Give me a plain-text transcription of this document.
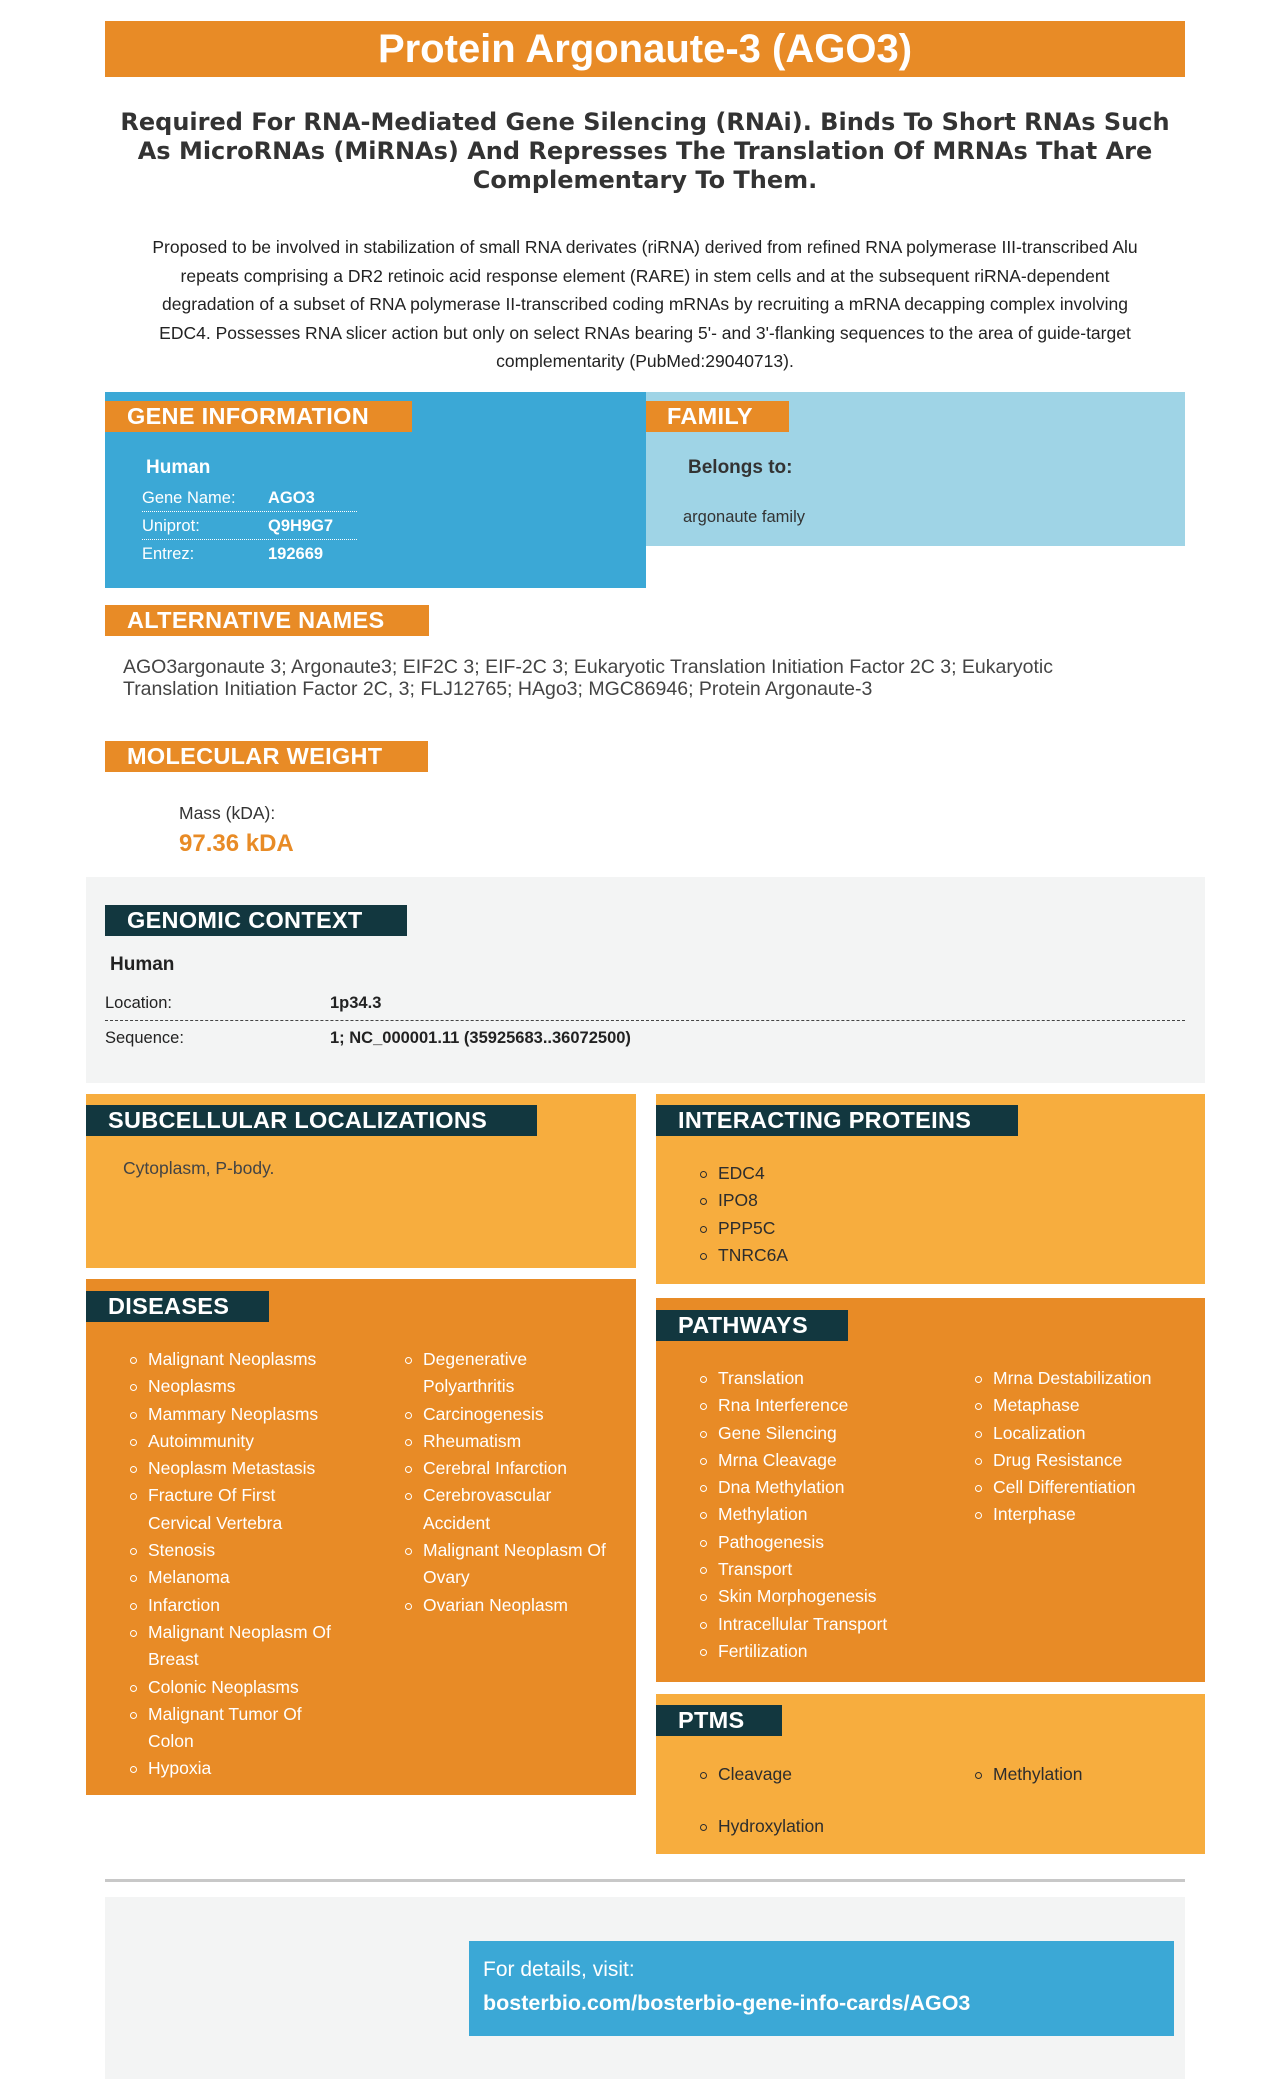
Protein Argonaute-3 (AGO3)
Required For RNA-Mediated Gene Silencing (RNAi). Binds To Short RNAs Such As MicroRNAs (MiRNAs) And Represses The Translation Of MRNAs That Are Complementary To Them.
Proposed to be involved in stabilization of small RNA derivates (riRNA) derived from refined RNA polymerase III-transcribed Alu repeats comprising a DR2 retinoic acid response element (RARE) in stem cells and at the subsequent riRNA-dependent degradation of a subset of RNA polymerase II-transcribed coding mRNAs by recruiting a mRNA decapping complex involving EDC4. Possesses RNA slicer action but only on select RNAs bearing 5'- and 3'-flanking sequences to the area of guide-target complementarity (PubMed:29040713).
Human
Gene Name: AGO3
Uniprot:	Q9H9G7
Entrez:	192669
GENE INFORMATION
Belongs to:
argonaute family
FAMILY
ALTERNATIVE NAMES
AGO3argonaute 3; Argonaute3; EIF2C 3; EIF-2C 3; Eukaryotic Translation Initiation Factor 2C 3; Eukaryotic Translation Initiation Factor 2C, 3; FLJ12765; HAgo3; MGC86946; Protein Argonaute-3
MOLECULAR WEIGHT
Mass (kDA):
97.36 kDA
GENOMIC CONTEXT
Human
Location:	1p34.3
Sequence:	1; NC_000001.11 (35925683..36072500)
SUBCELLULAR LOCALIZATIONS
Cytoplasm, P-body.
INTERACTING PROTEINS
EDC4
IPO8
PPP5C
TNRC6A
DISEASES
Malignant Neoplasms
Neoplasms
Mammary Neoplasms
Autoimmunity
Neoplasm Metastasis
Fracture Of First Cervical Vertebra
Stenosis
Melanoma
Infarction
Malignant Neoplasm Of Breast
Colonic Neoplasms
Malignant Tumor Of Colon
Hypoxia
Degenerative Polyarthritis
Carcinogenesis
Rheumatism
Cerebral Infarction
Cerebrovascular Accident
Malignant Neoplasm Of Ovary
Ovarian Neoplasm
PATHWAYS
Translation
Rna Interference
Gene Silencing
Mrna Cleavage
Dna Methylation
Methylation
Pathogenesis
Transport
Skin Morphogenesis
Intracellular Transport
Fertilization
Mrna Destabilization
Metaphase
Localization
Drug Resistance
Cell Differentiation
Interphase
PTMS
Cleavage
Hydroxylation
Methylation
For details, visit:
bosterbio.com/bosterbio-gene-info-cards/AGO3
